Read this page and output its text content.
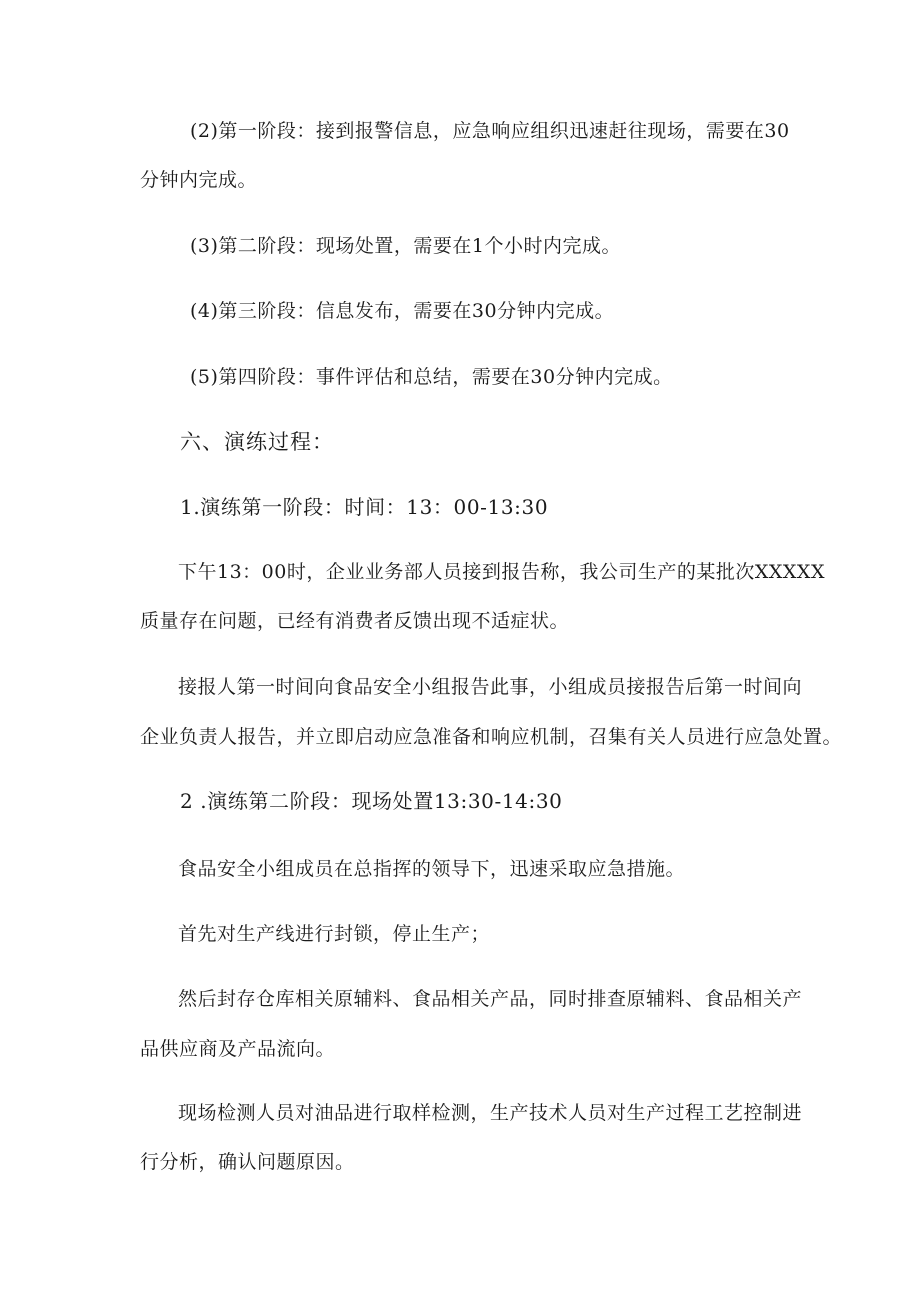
(2)第一阶段：接到报警信息，应急响应组织迅速赶往现场，需要在30
分钟内完成。
(3)第二阶段：现场处置，需要在1个小时内完成。
(4)第三阶段：信息发布，需要在30分钟内完成。
(5)第四阶段：事件评估和总结，需要在30分钟内完成。
六、演练过程：
1.演练第一阶段：时间：13：00-13:30
下午13：00时，企业业务部人员接到报告称，我公司生产的某批次XXXXX
质量存在问题，已经有消费者反馈出现不适症状。
接报人第一时间向食品安全小组报告此事，小组成员接报告后第一时间向
企业负责人报告，并立即启动应急准备和响应机制，召集有关人员进行应急处置。
2 .演练第二阶段：现场处置13:30-14:30
食品安全小组成员在总指挥的领导下，迅速采取应急措施。
首先对生产线进行封锁，停止生产；
然后封存仓库相关原辅料、食品相关产品，同时排查原辅料、食品相关产
品供应商及产品流向。
现场检测人员对油品进行取样检测，生产技术人员对生产过程工艺控制进
行分析，确认问题原因。
